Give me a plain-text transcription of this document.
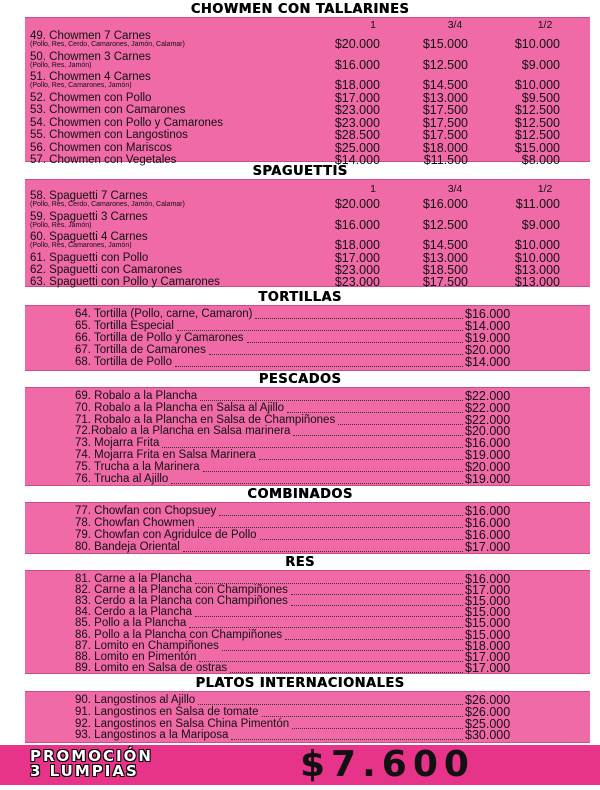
CHOWMEN CON TALLARINES
1	3/4	1/2
49. Chowmen 7 Carnes
(Pollo, Res, Cerdo, Camarones, Jamón, Calamar)	$20.000	$15.000	$10.000
50. Chowmen 3 Carnes
(Pollo, Res, Jamón)	$16.000	$12.500	$9.000
51. Chowmen 4 Carnes
(Pollo, Res, Camarones, Jamón)	$18.000	$14.500	$10.000
52. Chowmen con Pollo	$17.000	$13.000	$9.500
53. Chowmen con Camarones	$23.000	$17.500	$12.500
54. Chowmen con Pollo y Camarones	$23.000	$17.500	$12.500
55. Chowmen con Langostinos	$28.500	$17.500	$12.500
56. Chowmen con Mariscos	$25.000	$18.000	$15.000
57. Chowmen con Vegetales	$14.000	$11.500	$8.000
SPAGUETTIS
1	3/4	1/2
58. Spaguetti 7 Carnes
(Pollo, Res, Cerdo, Camarones, Jamón, Calamar)	$20.000	$16.000	$11.000
59. Spaguetti 3 Carnes
(Pollo, Res, Jamón)	$16.000	$12.500	$9.000
60. Spaguetti 4 Carnes
(Pollo, Res, Camarones, Jamón)	$18.000	$14.500	$10.000
61. Spaguetti con Pollo	$17.000	$13.000	$10.000
62. Spaguetti con Camarones	$23.000	$18.500	$13.000
63. Spaguetti con Pollo y Camarones	$23.000	$17.500	$13.000
TORTILLAS
64. Tortilla (Pollo, carne, Camaron)	$16.000
65. Tortilla Especial	$14.000
66. Tortilla de Pollo y Camarones	$19.000
67. Tortilla de Camarones	$20.000
68. Tortilla de Pollo	$14.000
PESCADOS
69. Robalo a la Plancha	$22.000
70. Robalo a la Plancha en Salsa al Ajillo	$22.000
71. Robalo a la Plancha en Salsa de Champiñones	$22.000
72.Robalo a la Plancha en Salsa marinera	$20.000
73. Mojarra Frita	$16.000
74. Mojarra Frita en Salsa Marinera	$19.000
75. Trucha a la Marinera	$20.000
76. Trucha al Ajillo	$19.000
COMBINADOS
77. Chowfan con Chopsuey	$16.000
78. Chowfan Chowmen	$16.000
79. Chowfan con Agridulce de Pollo	$16.000
80. Bandeja Oriental	$17.000
RES
81. Carne a la Plancha	$16.000
82. Carne a la Plancha con Champiñones	$17.000
83. Cerdo a la Plancha con Champiñones	$15.000
84. Cerdo a la Plancha	$15.000
85. Pollo a la Plancha	$15.000
86. Pollo a la Plancha con Champiñones	$15.000
87. Lomito en Champiñones	$18.000
88. Lomito en Pimentón	$17.000
89. Lomito en Salsa de ostras	$17.000
PLATOS INTERNACIONALES
90. Langostinos al Ajillo	$26.000
91. Langostinos en Salsa de tomate	$26.000
92. Langostinos en Salsa China Pimentón	$25.000
93. Langostinos a la Mariposa	$30.000
PROMOCIÓN
3 LUMPIAS	$7.600
